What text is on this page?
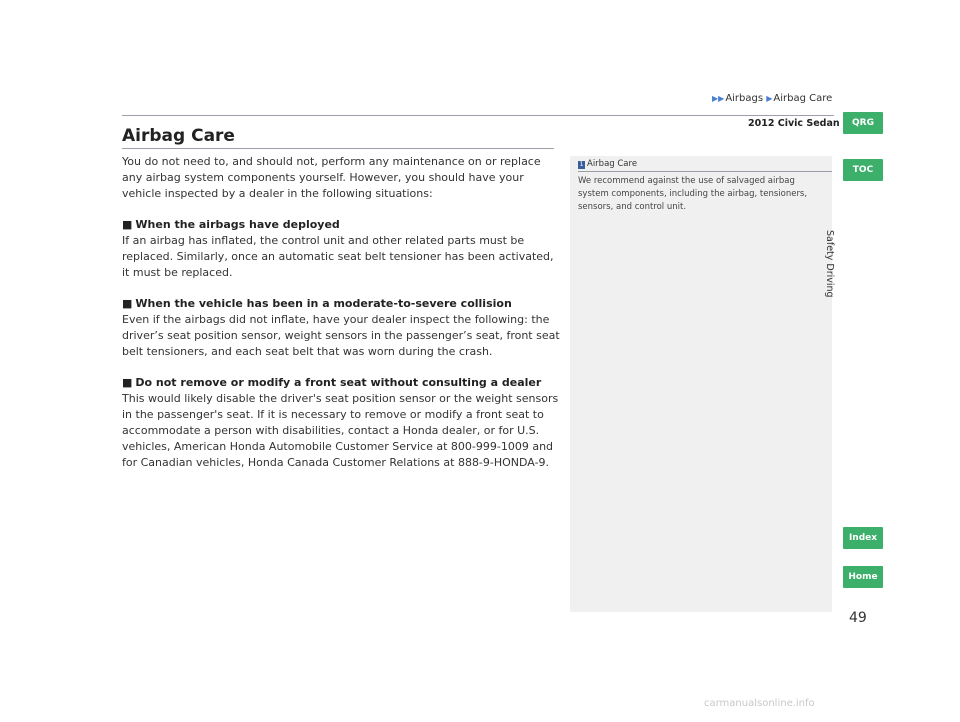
▶▶Airbags ▶Airbag Care
2012 Civic Sedan
Airbag Care

You do not need to, and should not, perform any maintenance on or replace any airbag system components yourself. However, you should have your vehicle inspected by a dealer in the following situations:

■ When the airbags have deployed
If an airbag has inflated, the control unit and other related parts must be replaced. Similarly, once an automatic seat belt tensioner has been activated, it must be replaced.
■ When the vehicle has been in a moderate-to-severe collision
Even if the airbags did not inflate, have your dealer inspect the following: the driver’s seat position sensor, weight sensors in the passenger’s seat, front seat belt tensioners, and each seat belt that was worn during the crash.
■ Do not remove or modify a front seat without consulting a dealer
This would likely disable the driver's seat position sensor or the weight sensors in the passenger's seat. If it is necessary to remove or modify a front seat to accommodate a person with disabilities, contact a Honda dealer, or for U.S. vehicles, American Honda Automobile Customer Service at 800-999-1009 and for Canadian vehicles, Honda Canada Customer Relations at 888-9-HONDA-9.
1 Airbag Care
We recommend against the use of salvaged airbag system components, including the airbag, tensioners, sensors, and control unit.
QRG
TOC
Index
Home
Safety Driving
49
carmanualsonline.info
